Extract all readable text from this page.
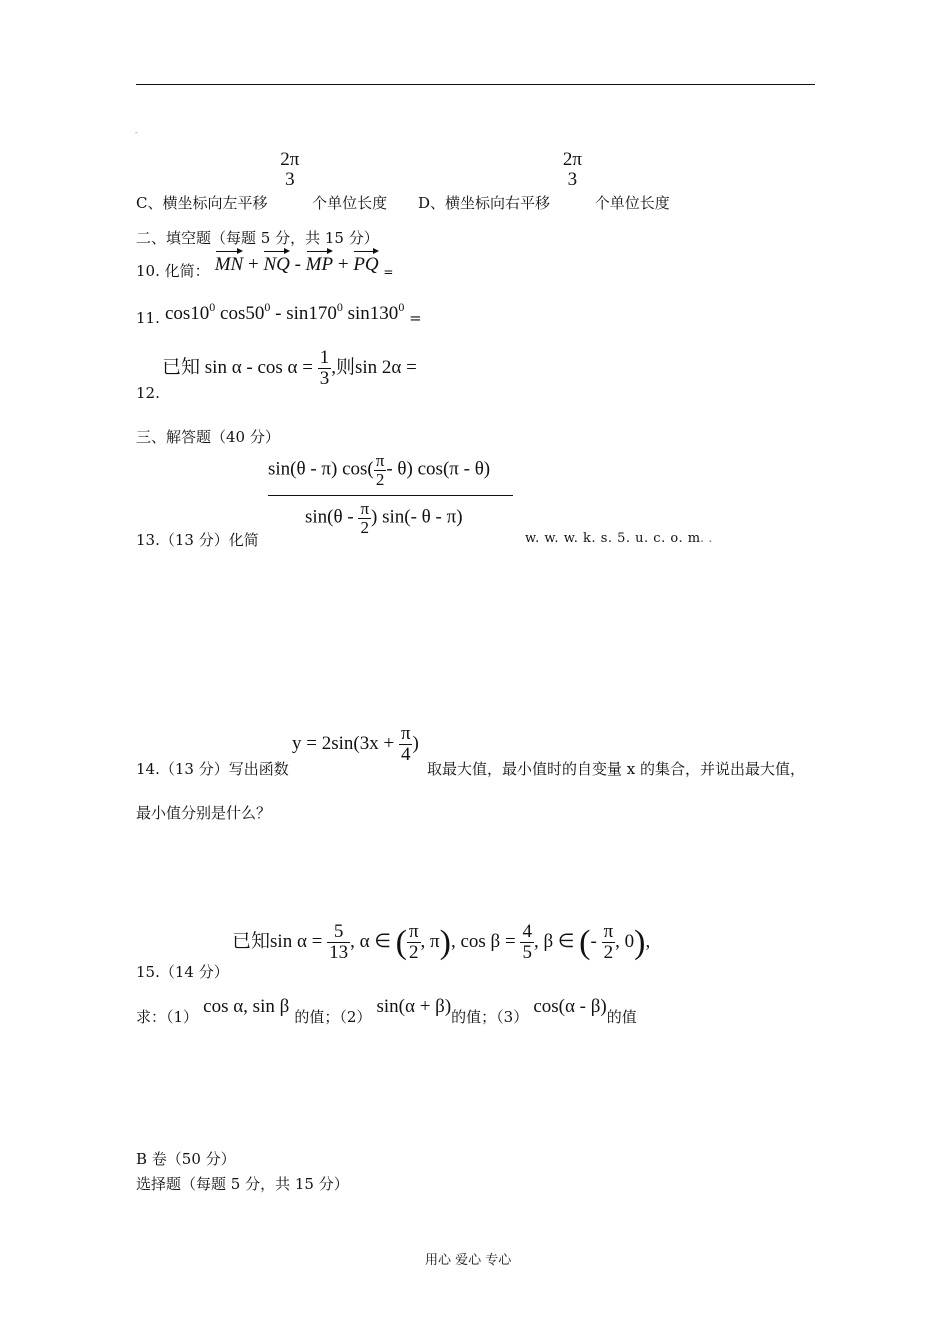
-
C、横坐标向左平移
2π
3
个单位长度 D、横坐标向右平移
2π
3
个单位长度
二、填空题（每题 5 分，共 15 分）
10. 化简： MN + NQ - MP + PQ $_=$
11. $\cos 10^0$ $\cos 50^0 - \sin 170^0$ $\sin 130^0$ =
12.
已知 $\sin \alpha - \cos \alpha = \frac{1}{3}$ ,则sin 2α =
三、解答题（40 分）
sin(θ - π) $\cos( \frac{\pi}{2} - \theta)$ cos(π - θ)
$\sin(\theta - \frac{\pi}{2}$ ) sin(- θ - π)
13.（13 分）化简	w. w. w. k. s. 5. u. c. o. m . .
14.（13 分）写出函数
$y = 2\sin(3x + \frac{\pi}{4}$ )
取最大值，最小值时的自变量 x 的集合，并说出最大值，
最小值分别是什么？
已知$\sin \alpha = \frac{5}{13}$ , α ∈ ( $\frac{\pi}{2}$ , π), $\cos \beta = \frac{4}{5}$ , β ∈ (- $\frac{\pi}{2}$ , 0),
15.（14 分）
求：（1） cos α, sin β 的值；（2） sin(α + β)的值；（3） cos(α - β)的值
B 卷（50 分）
选择题（每题 5 分，共 15 分）
用心 爱心 专心
